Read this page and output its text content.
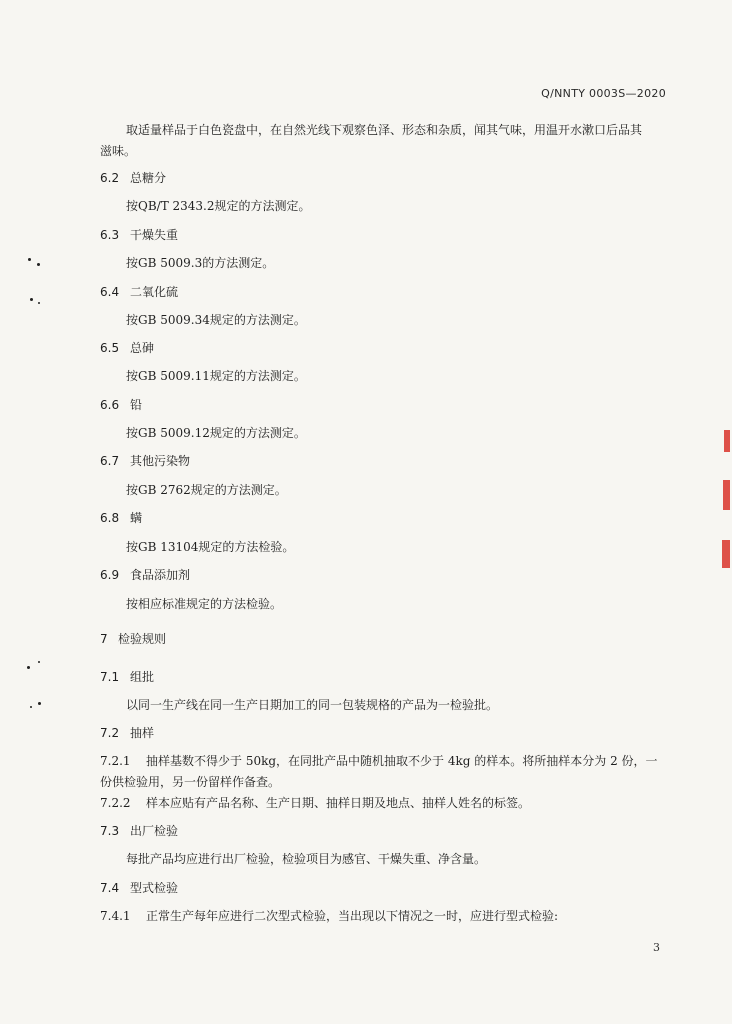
Q/NNTY 0003S—2020
取适量样品于白色瓷盘中，在自然光线下观察色泽、形态和杂质，闻其气味，用温开水漱口后品其
滋味。
6.2 总糖分
按QB/T 2343.2规定的方法测定。
6.3 干燥失重
按GB 5009.3的方法测定。
6.4 二氧化硫
按GB 5009.34规定的方法测定。
6.5 总砷
按GB 5009.11规定的方法测定。
6.6 铅
按GB 5009.12规定的方法测定。
6.7 其他污染物
按GB 2762规定的方法测定。
6.8 螨
按GB 13104规定的方法检验。
6.9 食品添加剂
按相应标准规定的方法检验。
7 检验规则
7.1 组批
以同一生产线在同一生产日期加工的同一包装规格的产品为一检验批。
7.2 抽样
7.2.1 抽样基数不得少于 50kg，在同批产品中随机抽取不少于 4kg 的样本。将所抽样本分为 2 份，一
份供检验用，另一份留样作备查。
7.2.2 样本应贴有产品名称、生产日期、抽样日期及地点、抽样人姓名的标签。
7.3 出厂检验
每批产品均应进行出厂检验，检验项目为感官、干燥失重、净含量。
7.4 型式检验
7.4.1 正常生产每年应进行二次型式检验，当出现以下情况之一时，应进行型式检验:
3
